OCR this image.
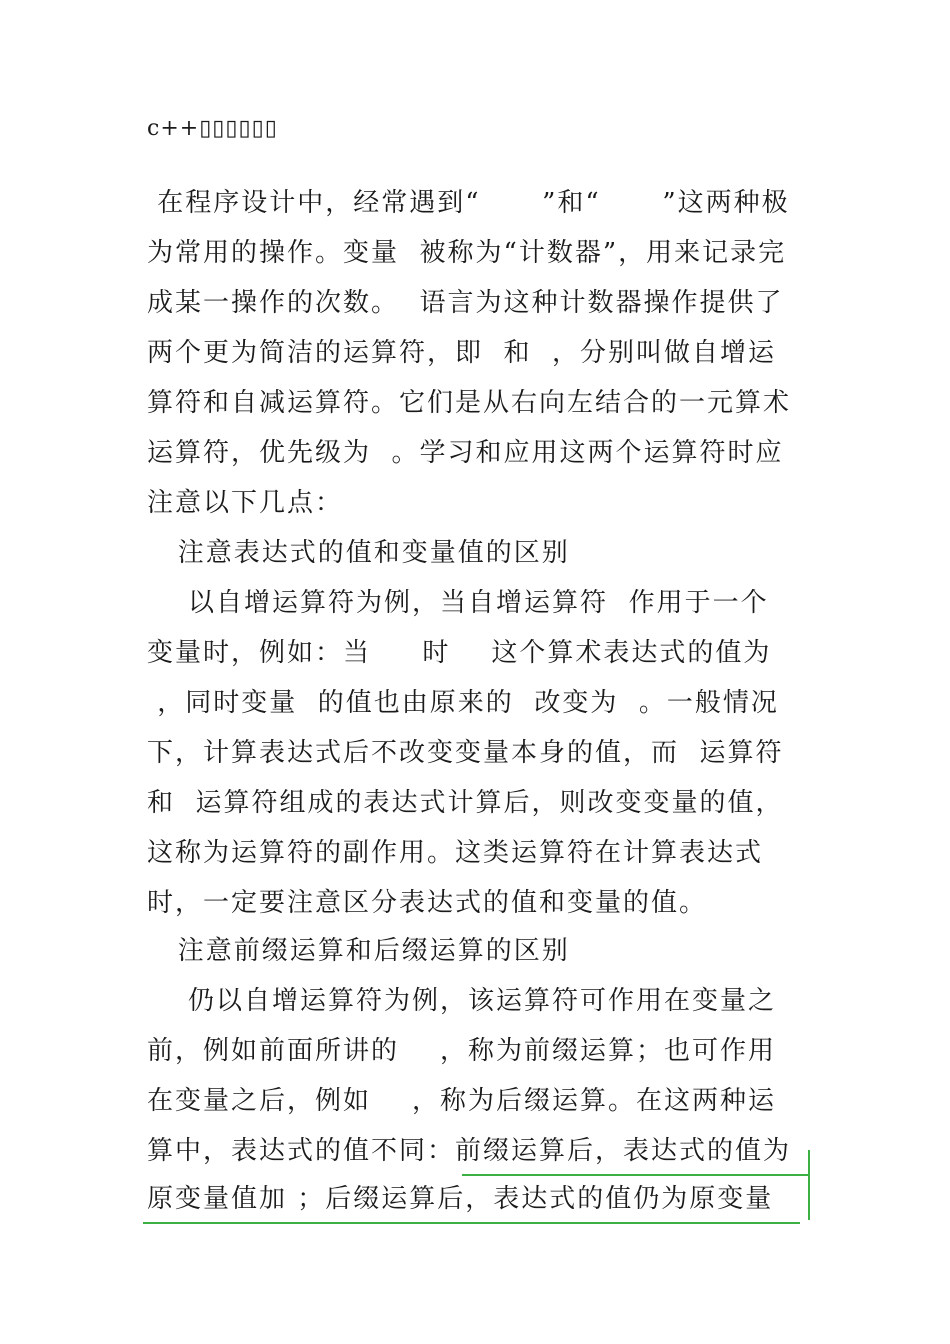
c++▯▯▯▯▯▯
在程序设计中，经常遇到“      ”和“      ”这两种极
为常用的操作。变量  被称为“计数器”，用来记录完
成某一操作的次数。  语言为这种计数器操作提供了
两个更为简洁的运算符，即  和  ，分别叫做自增运
算符和自减运算符。它们是从右向左结合的一元算术
运算符，优先级为  。学习和应用这两个运算符时应
注意以下几点：
注意表达式的值和变量值的区别
以自增运算符为例，当自增运算符  作用于一个
变量时，例如：当     时    这个算术表达式的值为
，同时变量  的值也由原来的  改变为  。一般情况
下，计算表达式后不改变变量本身的值，而  运算符
和  运算符组成的表达式计算后，则改变变量的值，
这称为运算符的副作用。这类运算符在计算表达式
时，一定要注意区分表达式的值和变量的值。
注意前缀运算和后缀运算的区别
仍以自增运算符为例，该运算符可作用在变量之
前，例如前面所讲的    ，称为前缀运算；也可作用
在变量之后，例如    ，称为后缀运算。在这两种运
算中，表达式的值不同：前缀运算后，表达式的值为
原变量值加 ；后缀运算后，表达式的值仍为原变量
